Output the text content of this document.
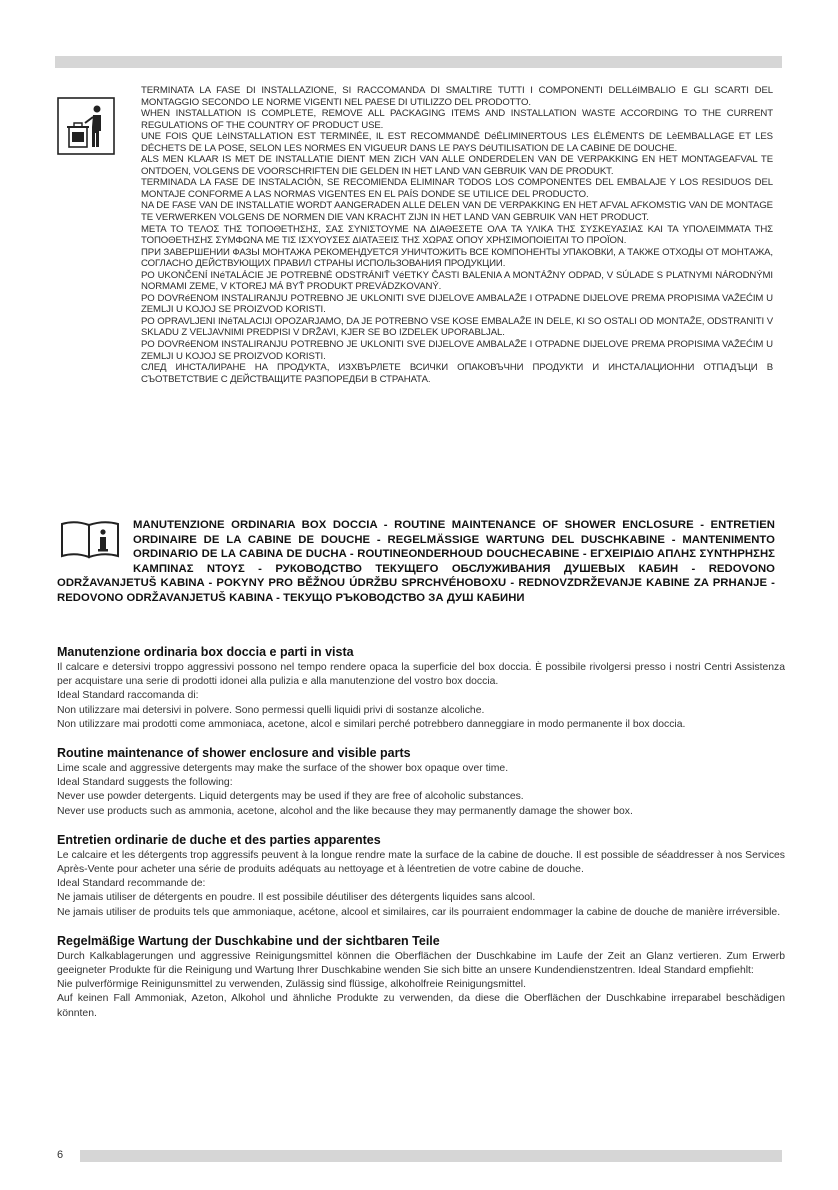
TERMINATA LA FASE DI INSTALLAZIONE, SI RACCOMANDA DI SMALTIRE TUTTI I COMPONENTI DELLéIMBALIO E GLI SCARTI DEL MONTAGGIO SECONDO LE NORME VIGENTI NEL PAESE DI UTILIZZO DEL PRODOTTO.

WHEN INSTALLATION IS COMPLETE, REMOVE ALL PACKAGING ITEMS AND INSTALLATION WASTE ACCORDING TO THE CURRENT REGULATIONS OF THE COUNTRY OF PRODUCT USE.

UNE FOIS QUE LèINSTALLATION EST TERMINÉE, IL EST RECOMMANDÉ DéÉLIMINERTOUS LES ÉLÉMENTS DE LèEMBALLAGE ET LES DÉCHETS DE LA POSE, SELON LES NORMES EN VIGUEUR DANS LE PAYS DéUTILISATION DE LA CABINE DE DOUCHE.

ALS MEN KLAAR IS MET DE INSTALLATIE DIENT MEN ZICH VAN ALLE ONDERDELEN VAN DE VERPAKKING EN HET MONTAGEAFVAL TE ONTDOEN, VOLGENS DE VOORSCHRIFTEN DIE GELDEN IN HET LAND VAN GEBRUIK VAN DE PRODUKT.

TERMINADA LA FASE DE INSTALACIÓN, SE RECOMIENDA ELIMINAR TODOS LOS COMPONENTES DEL EMBALAJE Y LOS RESIDUOS DEL MONTAJE CONFORME A LAS NORMAS VIGENTES EN EL PAÍS DONDE SE UTILICE DEL PRODUCTO.

NA DE FASE VAN DE INSTALLATIE WORDT AANGERADEN ALLE DELEN VAN DE VERPAKKING EN HET AFVAL AFKOMSTIG VAN DE MONTAGE TE VERWERKEN VOLGENS DE NORMEN DIE VAN KRACHT ZIJN IN HET LAND VAN GEBRUIK VAN HET PRODUCT.

ΜΕΤΑ ΤΟ ΤΕΛΟΣ ΤΗΣ ΤΟΠΟΘΕΤΗΣΗΣ, ΣΑΣ ΣΥΝΙΣΤΟΥΜΕ ΝΑ ΔΙΑΘΕΣΕΤΕ ΟΛΑ ΤΑ ΥΛΙΚΑ ΤΗΣ ΣΥΣΚΕΥΑΣΙΑΣ ΚΑΙ ΤΑ ΥΠΟΛΕΙΜΜΑΤΑ ΤΗΣ ΤΟΠΟΘΕΤΗΣΗΣ ΣΥΜΦΩΝΑ ΜΕ ΤΙΣ ΙΣΧΥΟΥΣΕΣ ΔΙΑΤΑΞΕΙΣ ΤΗΣ ΧΩΡΑΣ ΟΠΟΥ ΧΡΗΣΙΜΟΠΟΙΕΙΤΑΙ ΤΟ ΠΡΟΪΟΝ.

ПРИ ЗАВЕРШЕНИИ ФАЗЫ МОНТАЖА РЕКОМЕНДУЕТСЯ УНИЧТОЖИТЬ ВСЕ КОМПОНЕНТЫ УПАКОВКИ, А ТАКЖЕ ОТХОДЫ ОТ МОНТАЖА, СОГЛАСНО ДЕЙСТВУЮЩИХ ПРАВИЛ СТРАНЫ ИСПОЛЬЗОВАНИЯ ПРОДУКЦИИ.

PO UKONČENÍ INéTALÁCIE JE POTREBNÉ ODSTRÁNIŤ VéETKY ČASTI BALENIA A MONTÁŽNY ODPAD, V SÚLADE S PLATNYMI NÁRODNÝMI NORMAMI ZEME, V KTOREJ MÁ BYŤ PRODUKT PREVÁDZKOVANÝ.

PO DOVRéENOM INSTALIRANJU POTREBNO JE UKLONITI SVE DIJELOVE AMBALAŽE I OTPADNE DIJELOVE PREMA PROPISIMA VAŽEĆIM U ZEMLJI U KOJOJ SE PROIZVOD KORISTI.

PO OPRAVLJENI INéTALACIJI OPOZARJAMO, DA JE POTREBNO VSE KOSE EMBALAŽE IN DELE, KI SO OSTALI OD MONTAŽE, ODSTRANITI V SKLADU Z VELJAVNIMI PREDPISI V DRŽAVI, KJER SE BO IZDELEK UPORABLJAL.

PO DOVRéENOM INSTALIRANJU POTREBNO JE UKLONITI SVE DIJELOVE AMBALAŽE I OTPADNE DIJELOVE PREMA PROPISIMA VAŽEĆIM U ZEMLJI U KOJOJ SE PROIZVOD KORISTI.

СЛЕД ИНСТАЛИРАНЕ НА ПРОДУКТА, ИЗХВЪРЛЕТЕ ВСИЧКИ ОПАКОВЪЧНИ ПРОДУКТИ И ИНСТАЛАЦИОННИ ОТПАДЪЦИ В СЪОТВЕТСТВИЕ С ДЕЙСТВАЩИТЕ РАЗПОРЕДБИ В СТРАНАТА.

MANUTENZIONE ORDINARIA BOX DOCCIA - ROUTINE MAINTENANCE OF SHOWER ENCLOSURE - ENTRETIEN ORDINAIRE DE LA CABINE DE DOUCHE - REGELMÄSSIGE WARTUNG DEL DUSCHKABINE - MANTENIMENTO ORDINARIO DE LA CABINA DE DUCHA - ROUTINEONDERHOUD DOUCHECABINE - ΕΓΧΕΙΡΙΔΙΟ ΑΠΛΗΣ ΣΥΝΤΗΡΗΣΗΣ ΚΑΜΠΙΝΑΣ ΝΤΟΥΣ - РУКОВОДСТВО ТЕКУЩЕГО ОБСЛУЖИВАНИЯ ДУШЕВЫХ КАБИН - REDOVONO ODRŽAVANJETUŠ KABINA - POKYNY PRO BĚŽNOU ÚDRŽBU SPRCHVÉHOBOXU - REDNOVZDRŽEVANJE KABINE ZA PRHANJE - REDOVONO ODRŽAVANJETUŠ KABINA - ТЕКУЩО РЪКОВОДСТВО ЗА ДУШ КАБИНИ
Manutenzione ordinaria box doccia e parti in vista

Il calcare e detersivi troppo aggressivi possono nel tempo rendere opaca la superficie del box doccia. È possibile rivolgersi presso i nostri Centri Assistenza per acquistare una serie di prodotti idonei alla pulizia e alla manutenzione del vostro box doccia.

Ideal Standard raccomanda di:

Non utilizzare mai detersivi in polvere. Sono permessi quelli liquidi privi di sostanze alcoliche.

Non utilizzare mai prodotti come ammoniaca, acetone, alcol e similari perché potrebbero danneggiare in modo permanente il box doccia.

Routine maintenance of shower enclosure and visible parts

Lime scale and aggressive detergents may make the surface of the shower box opaque over time.

Ideal Standard suggests the following:

Never use powder detergents. Liquid detergents may be used if they are free of alcoholic substances.

Never use products such as ammonia, acetone, alcohol and the like because they may permanently damage the shower box.

Entretien ordinarie de duche et des parties apparentes

Le calcaire et les détergents trop aggressifs peuvent à la longue rendre mate la surface de la cabine de douche. Il est possible de séaddresser à nos Services Après-Vente pour acheter una série de produits adéquats au nettoyage et à léentretien de votre cabine de douche.

Ideal Standard recommande de:

Ne jamais utiliser de détergents en poudre. Il est possibile déutiliser des détergents liquides sans alcool.

Ne jamais utiliser de produits tels que ammoniaque, acétone, alcool et similaires, car ils pourraient endommager la cabine de douche de manière irréversible.

Regelmäßige Wartung der Duschkabine und der sichtbaren Teile

Durch Kalkablagerungen und aggressive Reinigungsmittel können die Oberflächen der Duschkabine im Laufe der Zeit an Glanz vertieren. Zum Erwerb geeigneter Produkte für die Reinigung und Wartung Ihrer Duschkabine wenden Sie sich bitte an unsere Kundendienstzentren. Ideal Standard empfiehlt:

Nie pulverförmige Reinigunsmittel zu verwenden, Zulässig sind flüssige, alkoholfreie Reinigungsmittel.

Auf keinen Fall Ammoniak, Azeton, Alkohol und ähnliche Produkte zu verwenden, da diese die Oberflächen der Duschkabine irreparabel beschädigen könnten.

6
